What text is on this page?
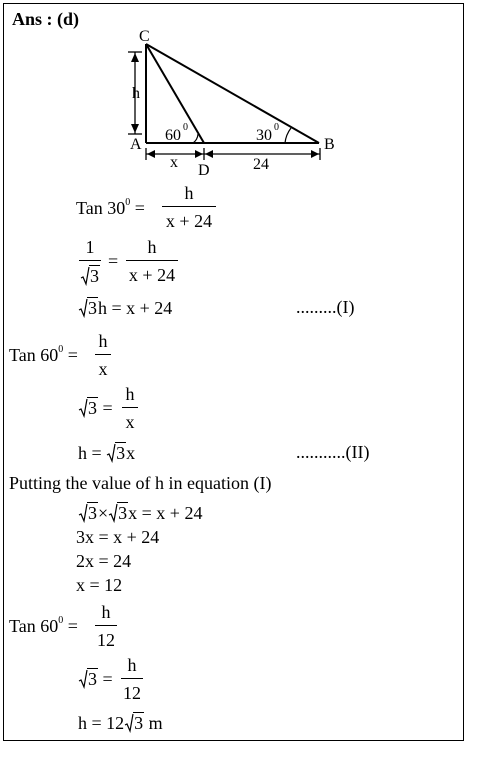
Ans : (d)
C
A	B
D
h
x	24
60	30
0	0
Tan $30^0$ =
h
x + 24
1
3
=
h
x + 24
3h = x + 24	.........(I)
Tan $60^0$ =
h
x
3 =
h
x
h = 3x	...........(II)
Putting the value of h in equation (I)
3× 3x = x + 24
3x = x + 24
2x = 24
x = 12
Tan $60^0$ =
h
12
3 =
h
12
h = 12 3 m
